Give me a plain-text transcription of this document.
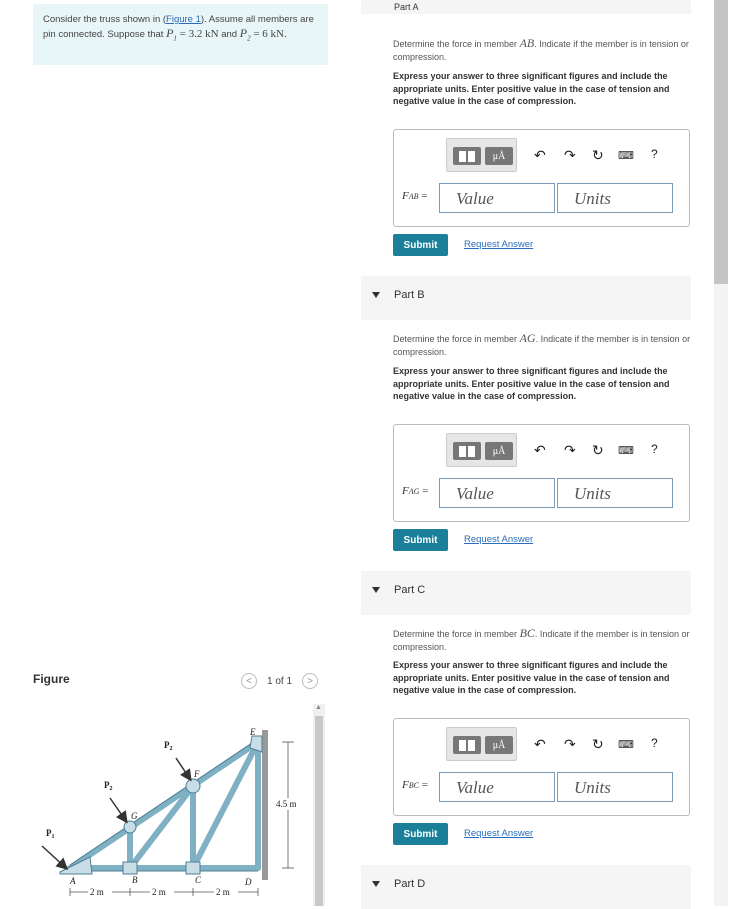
Consider the truss shown in (Figure 1). Assume all members are pin connected. Suppose that $P_1 = 3.2$ kN and $P_2 = 6$ kN.
Figure	<	1 of 1	>
A	B	C	D
E
F
G
$P_1$
$P_2$
$P_2$
2 m	2 m	2 m
4.5 m
▲
Part A
Determine the force in member AB. Indicate if the member is in tension or compression.
Express your answer to three significant figures and include the appropriate units. Enter positive value in the case of tension and negative value in the case of compression.
μÅ	↶ ↷ ↻ ⌨ ?
FAB =	Value	Units
Submit	Request Answer
Part B
Determine the force in member AG. Indicate if the member is in tension or compression.
Express your answer to three significant figures and include the appropriate units. Enter positive value in the case of tension and negative value in the case of compression.
μÅ	↶ ↷ ↻ ⌨ ?
FAG =	Value	Units
Submit	Request Answer
Part C
Determine the force in member BC. Indicate if the member is in tension or compression.
Express your answer to three significant figures and include the appropriate units. Enter positive value in the case of tension and negative value in the case of compression.
μÅ	↶ ↷ ↻ ⌨ ?
FBC =	Value	Units
Submit	Request Answer
Part D
